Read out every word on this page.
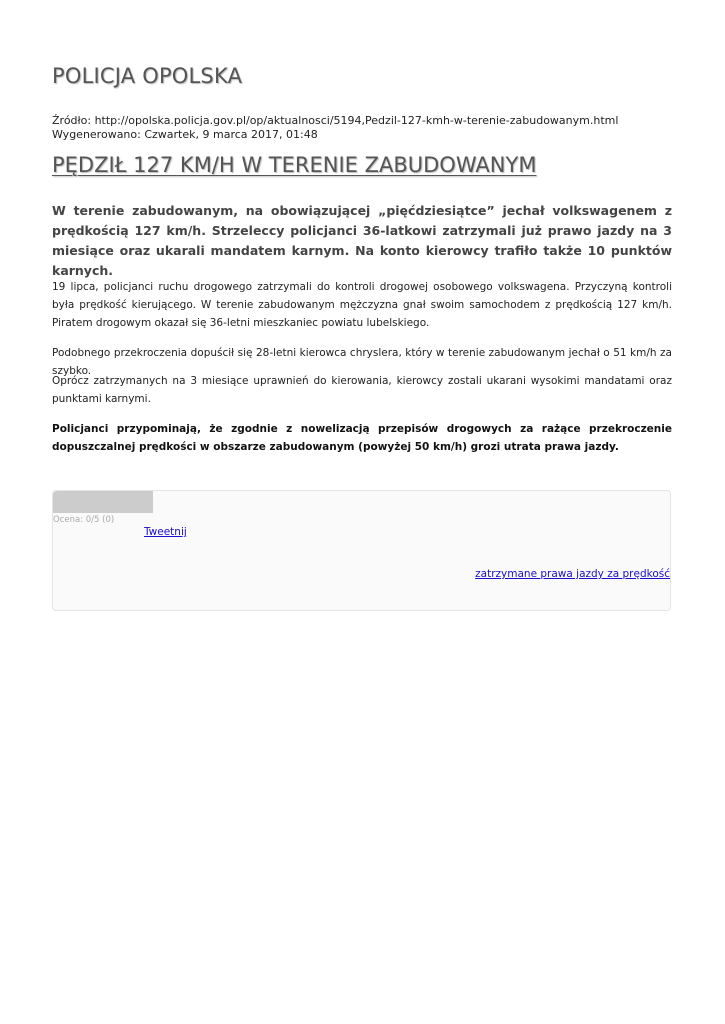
POLICJA OPOLSKA
Źródło: http://opolska.policja.gov.pl/op/aktualnosci/5194,Pedzil-127-kmh-w-terenie-zabudowanym.html
Wygenerowano: Czwartek, 9 marca 2017, 01:48
PĘDZIŁ 127 KM/H W TERENIE ZABUDOWANYM

W terenie zabudowanym, na obowiązującej „pięćdziesiątce” jechał volkswagenem z prędkością 127 km/h. Strzeleccy policjanci 36-latkowi zatrzymali już prawo jazdy na 3 miesiące oraz ukarali mandatem karnym. Na konto kierowcy trafiło także 10 punktów karnych.

19 lipca, policjanci ruchu drogowego zatrzymali do kontroli drogowej osobowego volkswagena. Przyczyną kontroli była prędkość kierującego. W terenie zabudowanym mężczyzna gnał swoim samochodem z prędkością 127 km/h. Piratem drogowym okazał się 36-letni mieszkaniec powiatu lubelskiego.

Podobnego przekroczenia dopuścił się 28-letni kierowca chryslera, który w terenie zabudowanym jechał o 51 km/h za szybko.

Oprócz zatrzymanych na 3 miesiące uprawnień do kierowania, kierowcy zostali ukarani wysokimi mandatami oraz punktami karnymi.

Policjanci przypominają, że zgodnie z nowelizacją przepisów drogowych za rażące przekroczenie dopuszczalnej prędkości w obszarze zabudowanym (powyżej 50 km/h) grozi utrata prawa jazdy.

Ocena: 0/5 (0)
Tweetnij
zatrzymane prawa jazdy za prędkość
